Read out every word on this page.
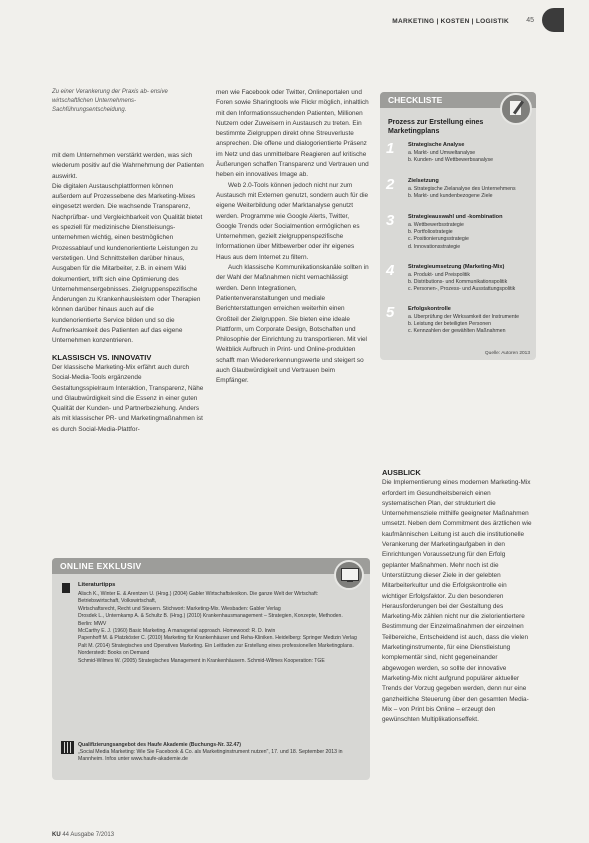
MARKETING | KOSTEN | LOGISTIK 45
Zu einer Verankerung der Praxis ab- ensive wirtschaftlichen Unternehmens- Sachführungsentscheidung.

mit dem Unternehmen verstärkt werden, was sich wiederum positiv auf die Wahrnehmung der Patienten auswirkt.

Die digitalen Austauschplattformen können außerdem auf Prozessebene des Marketing-Mixes eingesetzt werden. Die wachsende Transparenz, Nachprüfbar- und Vergleichbarkeit von Qualität bietet es speziell für medizinische Dienstleisungs-unternehmen wichtig, einen bestmöglichen Prozessablauf und kundenorientierte Leistungen zu verstetigen. Und Schnittstellen darüber hinaus, Ausgaben für die Mitarbeiter, z.B. in einem Wiki dokumentiert, trifft sich eine Optimierung des Unternehmensergebnisses. Zielgruppenspezifische Änderungen zu Krankenhausleistern oder Therapien können darüber hinaus auch auf die kundenorientierte Service bilden und so die Aufmerksamkeit des Patienten auf das eigene Unternehmen konzentrieren.

KLASSISCH VS. INNOVATIV

Der klassische Marketing-Mix erfährt auch durch Social-Media-Tools ergänzende Gestaltungsspielraum Interaktion, Transparenz, Nähe und Glaubwürdigkeit sind die Essenz in einer guten Qualität der Kunden- und Partnerbeziehung. Anders als mit klassischer PR- und Marketingmaßnahmen ist es durch Social-Media-Plattfor-

men wie Facebook oder Twitter, Onlineportalen und Foren sowie Sharingtools wie Flickr möglich, inhaltlich mit den Informationssuchenden Patienten, Millionen Nutzern oder Zuweisern in Austausch zu treten. Ein bestimmte Zielgruppen direkt ohne Streuverluste ansprechen. Die offene und dialogorientierte Präsenz im Netz und das unmittelbare Reagieren auf kritische Äußerungen schaffen Transparenz und Vertrauen und heben ein innovatives Image ab.

Web 2.0-Tools können jedoch nicht nur zum Austausch mit Externen genutzt, sondern auch für die eigene Weiterbildung oder Marktanalyse genutzt werden. Programme wie Google Alerts, Twitter, Google Trends oder Socialmention ermöglichen es Unternehmen, gezielt zielgruppenspezifische Informationen über Mitbewerber oder ihr eigenes Haus aus dem Internet zu filtern.

Auch klassische Kommunikationskanäle sollten in der Wahl der Maßnahmen nicht vernachlässigt werden. Denn Integrationen, Patientenveranstaltungen und mediale Berichterstattungen erreichen weiterhin einen Großteil der Zielgruppen. Sie bieten eine ideale Plattform, um Corporate Design, Botschaften und Philosophie der Einrichtung zu transportieren. Mit viel Weitblick Aufbruch in Print- und Online-produkten schafft man Wiedererkennungswerte und steigert so auch Glaubwürdigkeit und Vertrauen beim Empfänger.

CHECKLISTE
Prozess zur Erstellung eines Marketingplans
1 Strategische Analyse
a. Markt- und Umweltanalyse
b. Kunden- und Wettbewerbsanalyse
2 Zielsetzung
a. Strategische Zielanalyse des Unternehmens
b. Markt- und kundenbezogene Ziele
3 Strategieauswahl und -kombination
a. Wettbewerbsstrategie
b. Portfoliostrategie
c. Positionierungsstrategie
d. Innovationsstrategie
4 Strategieumsetzung (Marketing-Mix)
a. Produkt- und Preispolitik
b. Distributions- und Kommunikationspolitik
c. Personen-, Prozess- und Ausstattungspolitik
5 Erfolgskontrolle
a. Überprüfung der Wirksamkeit der Instrumente
b. Leistung der beteiligten Personen
c. Kennzahlen der gewählten Maßnahmen
Quelle: Autoren 2013

AUSBLICK

Die Implementierung eines modernen Marketing-Mix erfordert im Gesundheitsbereich einen systematischen Plan, der strukturiert die Unternehmensziele mithilfe geeigneter Maßnahmen umsetzt. Neben dem Commitment des ärztlichen wie kaufmännischen Leitung ist auch die institutionelle Verankerung der Marketingaufgaben in den Einrichtungen Voraussetzung für den Erfolg geplanter Maßnahmen. Mehr noch ist die Unterstützung dieser Ziele in der gelebten Mitarbeiterkultur und die Erfolgskontrolle ein wichtiger Erfolgsfaktor. Zu den besonderen Herausforderungen bei der Gestaltung des Marketing-Mix zählen nicht nur die zielorientiertere Bestimmung der Einzelmaßnahmen der einzelnen Teilbereiche, Entscheidend ist auch, dass die vielen Marketinginstrumente, für eine Dienstleistung komplementär sind, nicht gegeneinander abgewogen werden, so sollte der innovative Marketing-Mix nicht aufgrund populärer aktueller Trends der Vorzug gegeben werden, denn nur eine ganzheitliche Steuerung über den gesamten Media-Mix – von Print bis Online – erzeugt den gewünschten Multiplikationseffekt.

ONLINE EXKLUSIV
Literaturtipps
Alisch K., Winter E. & Arentzen U. (Hrsg.) (2004) Gabler Wirtschaftslexikon. Die ganze Welt der Wirtschaft: Betriebswirtschaft, Volkswirtschaft,
Wirtschaftsrecht, Recht und Steuern. Stichwort: Marketing-Mix. Wiesbaden: Gabler Verlag
Drosdek L., Unternkamp A. & Schultz B. (Hrsg.) (2010) Krankenhausmanagement – Strategien, Konzepte, Methoden. Berlin: MWV
McCarthy E. J. (1960) Basic Marketing. A managerial approach. Homewood: R. D. Irwin
Papenhoff M. & Platzköster C. (2010) Marketing für Krankenhäuser und Reha-Kliniken. Heidelberg: Springer Medizin Verlag
Palt M. (2014) Strategisches und Operatives Marketing. Ein Leitfaden zur Erstellung eines professionellen Marketingplans. Norderstedt: Books on Demand
Schmid-Wilmes W. (2005) Strategisches Management in Krankenhäusern. Schmid-Wilmes Kooperation: TGE
Qualifizierungsangebot des Haufe Akademie (Buchungs-Nr. 32.47)
„Social Media Marketing: Wie Sie Facebook & Co. als Marketinginstrument nutzen", 17. und 18. September 2013 in Mannheim. Infos unter www.haufe-akademie.de
KU 44 Ausgabe 7/2013
